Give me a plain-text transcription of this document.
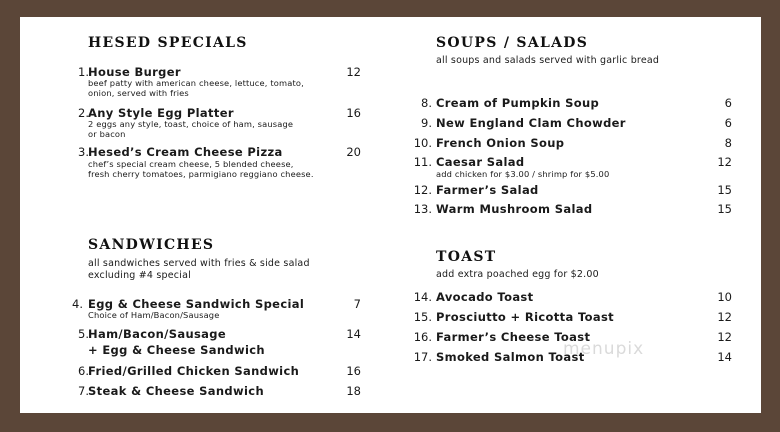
HESED SPECIALS
1. House Burger	12
beef patty with american cheese, lettuce, tomato,
onion, served with fries
2. Any Style Egg Platter	16
2 eggs any style, toast, choice of ham, sausage
or bacon
3. Hesed’s Cream Cheese Pizza	20
chef’s special cream cheese, 5 blended cheese,
fresh cherry tomatoes, parmigiano reggiano cheese.
SANDWICHES
all sandwiches served with fries & side salad
excluding #4 special
4. Egg & Cheese Sandwich Special	7
Choice of Ham/Bacon/Sausage
5. Ham/Bacon/Sausage	14
+ Egg & Cheese Sandwich
6. Fried/Grilled Chicken Sandwich	16
7. Steak & Cheese Sandwich	18
SOUPS / SALADS
all soups and salads served with garlic bread
8. Cream of Pumpkin Soup	6
9. New England Clam Chowder	6
10. French Onion Soup	8
11. Caesar Salad	12
add chicken for $3.00 / shrimp for $5.00
12. Farmer’s Salad	15
13. Warm Mushroom Salad	15
TOAST
add extra poached egg for $2.00
14. Avocado Toast	10
15. Prosciutto + Ricotta Toast	12
16. Farmer’s Cheese Toast	12
17. Smoked Salmon Toast	14
menupix
